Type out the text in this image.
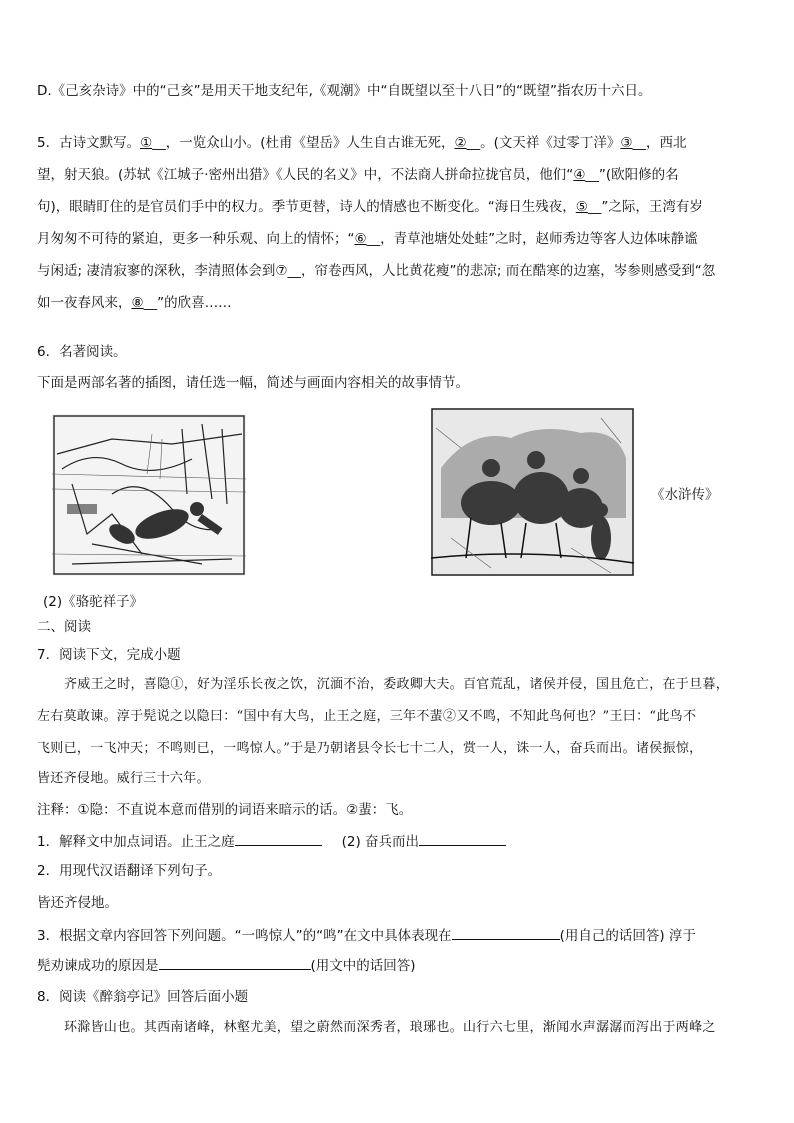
D.《己亥杂诗》中的“己亥”是用天干地支纪年,《观潮》中“自既望以至十八日”的“既望”指农历十六日。
5．古诗文默写。①__，一览众山小。(杜甫《望岳》人生自古谁无死，②__。(文天祥《过零丁洋》③__，西北
望，射天狼。(苏轼《江城子·密州出猎》《人民的名义》中，不法商人拼命拉拢官员，他们“④__”(欧阳修的名
句)，眼睛盯住的是官员们手中的权力。季节更替，诗人的情感也不断变化。“海日生残夜，⑤__”之际，王湾有岁
月匆匆不可待的紧迫，更多一种乐观、向上的情怀；“⑥__，青草池塘处处蛙”之时，赵师秀边等客人边体味静谧
与闲适; 凄清寂寥的深秋，李清照体会到⑦__，帘卷西风，人比黄花瘦”的悲凉; 而在酷寒的边塞，岑参则感受到“忽
如一夜春风来，⑧__”的欣喜……
6．名著阅读。
下面是两部名著的插图，请任选一幅，简述与画面内容相关的故事情节。
《水浒传》
(2)《骆驼祥子》
二、阅读
7．阅读下文，完成小题
齐威王之时，喜隐①，好为淫乐长夜之饮，沉湎不治，委政卿大夫。百官荒乱，诸侯并侵，国且危亡，在于旦暮，
左右莫敢谏。淳于髡说之以隐曰：“国中有大鸟，止王之庭，三年不蜚②又不鸣，不知此鸟何也？”王曰：“此鸟不
飞则已，一飞冲天；不鸣则已，一鸣惊人。”于是乃朝诸县令长七十二人，赏一人，诛一人，奋兵而出。诸侯振惊，
皆还齐侵地。威行三十六年。
注释：①隐：不直说本意而借别的词语来暗示的话。②蜚：飞。
1．解释文中加点词语。止王之庭	(2) 奋兵而出
2．用现代汉语翻译下列句子。
皆还齐侵地。
3．根据文章内容回答下列问题。“一鸣惊人”的“鸣”在文中具体表现在	(用自己的话回答) 淳于
髡劝谏成功的原因是	(用文中的话回答)
8．阅读《醉翁亭记》回答后面小题
环滁皆山也。其西南诸峰，林壑尤美，望之蔚然而深秀者，琅琊也。山行六七里，渐闻水声潺潺而泻出于两峰之
